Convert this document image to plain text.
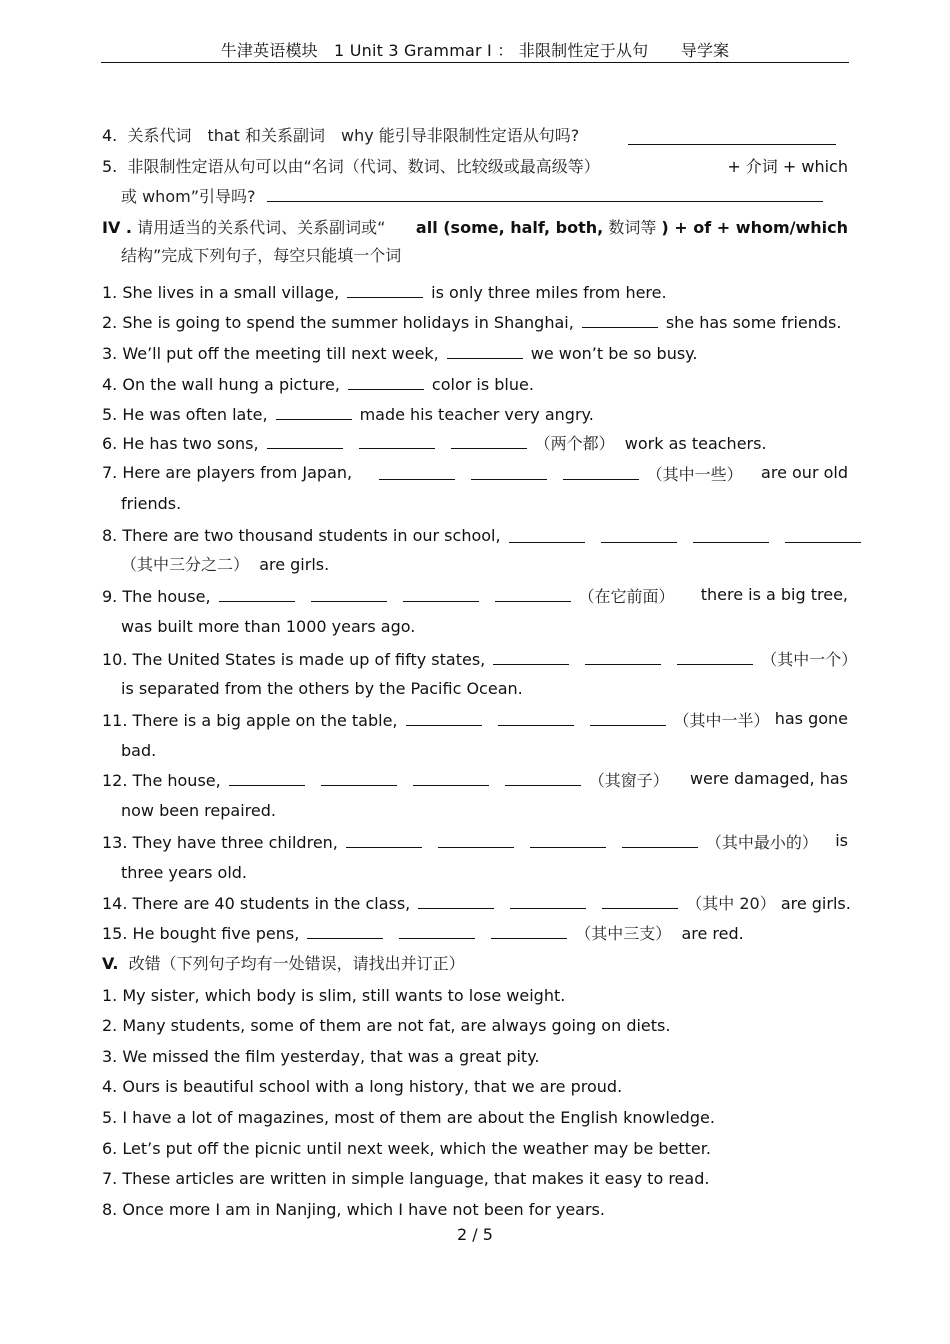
牛津英语模块　1 Unit 3 Grammar I ： 非限制性定于从句　　导学案
4. 关系代词　that 和关系副词　why 能引导非限制性定语从句吗?
5. 非限制性定语从句可以由“名词（代词、数词、比较级或最高级等）	+ 介词 + which
或 whom”引导吗?
IV . 请用适当的关系代词、关系副词或“ all (some, half, both, 数词等 ) + of + whom/which
结构”完成下列句子，每空只能填一个词
1. She lives in a small village,	is only three miles from here.
2. She is going to spend the summer holidays in Shanghai,	she has some friends.
3. We’ll put off the meeting till next week,	we won’t be so busy.
4. On the wall hung a picture,	color is blue.
5. He was often late,	made his teacher very angry.
6. He has two sons,	（两个都） work as teachers.
7. Here are players from Japan,	（其中一些） are our old
friends.
8. There are two thousand students in our school,
（其中三分之二） are girls.
9. The house,	（在它前面） there is a big tree,
was built more than 1000 years ago.
10. The United States is made up of fifty states,	（其中一个）
is separated from the others by the Pacific Ocean.
11. There is a big apple on the table,	（其中一半） has gone
bad.
12. The house,	（其窗子） were damaged, has
now been repaired.
13. They have three children,	（其中最小的） is
three years old.
14. There are 40 students in the class,	（其中 20） are girls.
15. He bought five pens,	（其中三支） are red.
V. 改错（下列句子均有一处错误，请找出并订正）
1. My sister, which body is slim, still wants to lose weight.
2. Many students, some of them are not fat, are always going on diets.
3. We missed the film yesterday, that was a great pity.
4. Ours is beautiful school with a long history, that we are proud.
5. I have a lot of magazines, most of them are about the English knowledge.
6. Let’s put off the picnic until next week, which the weather may be better.
7. These articles are written in simple language, that makes it easy to read.
8. Once more I am in Nanjing, which I have not been for years.
2 / 5
